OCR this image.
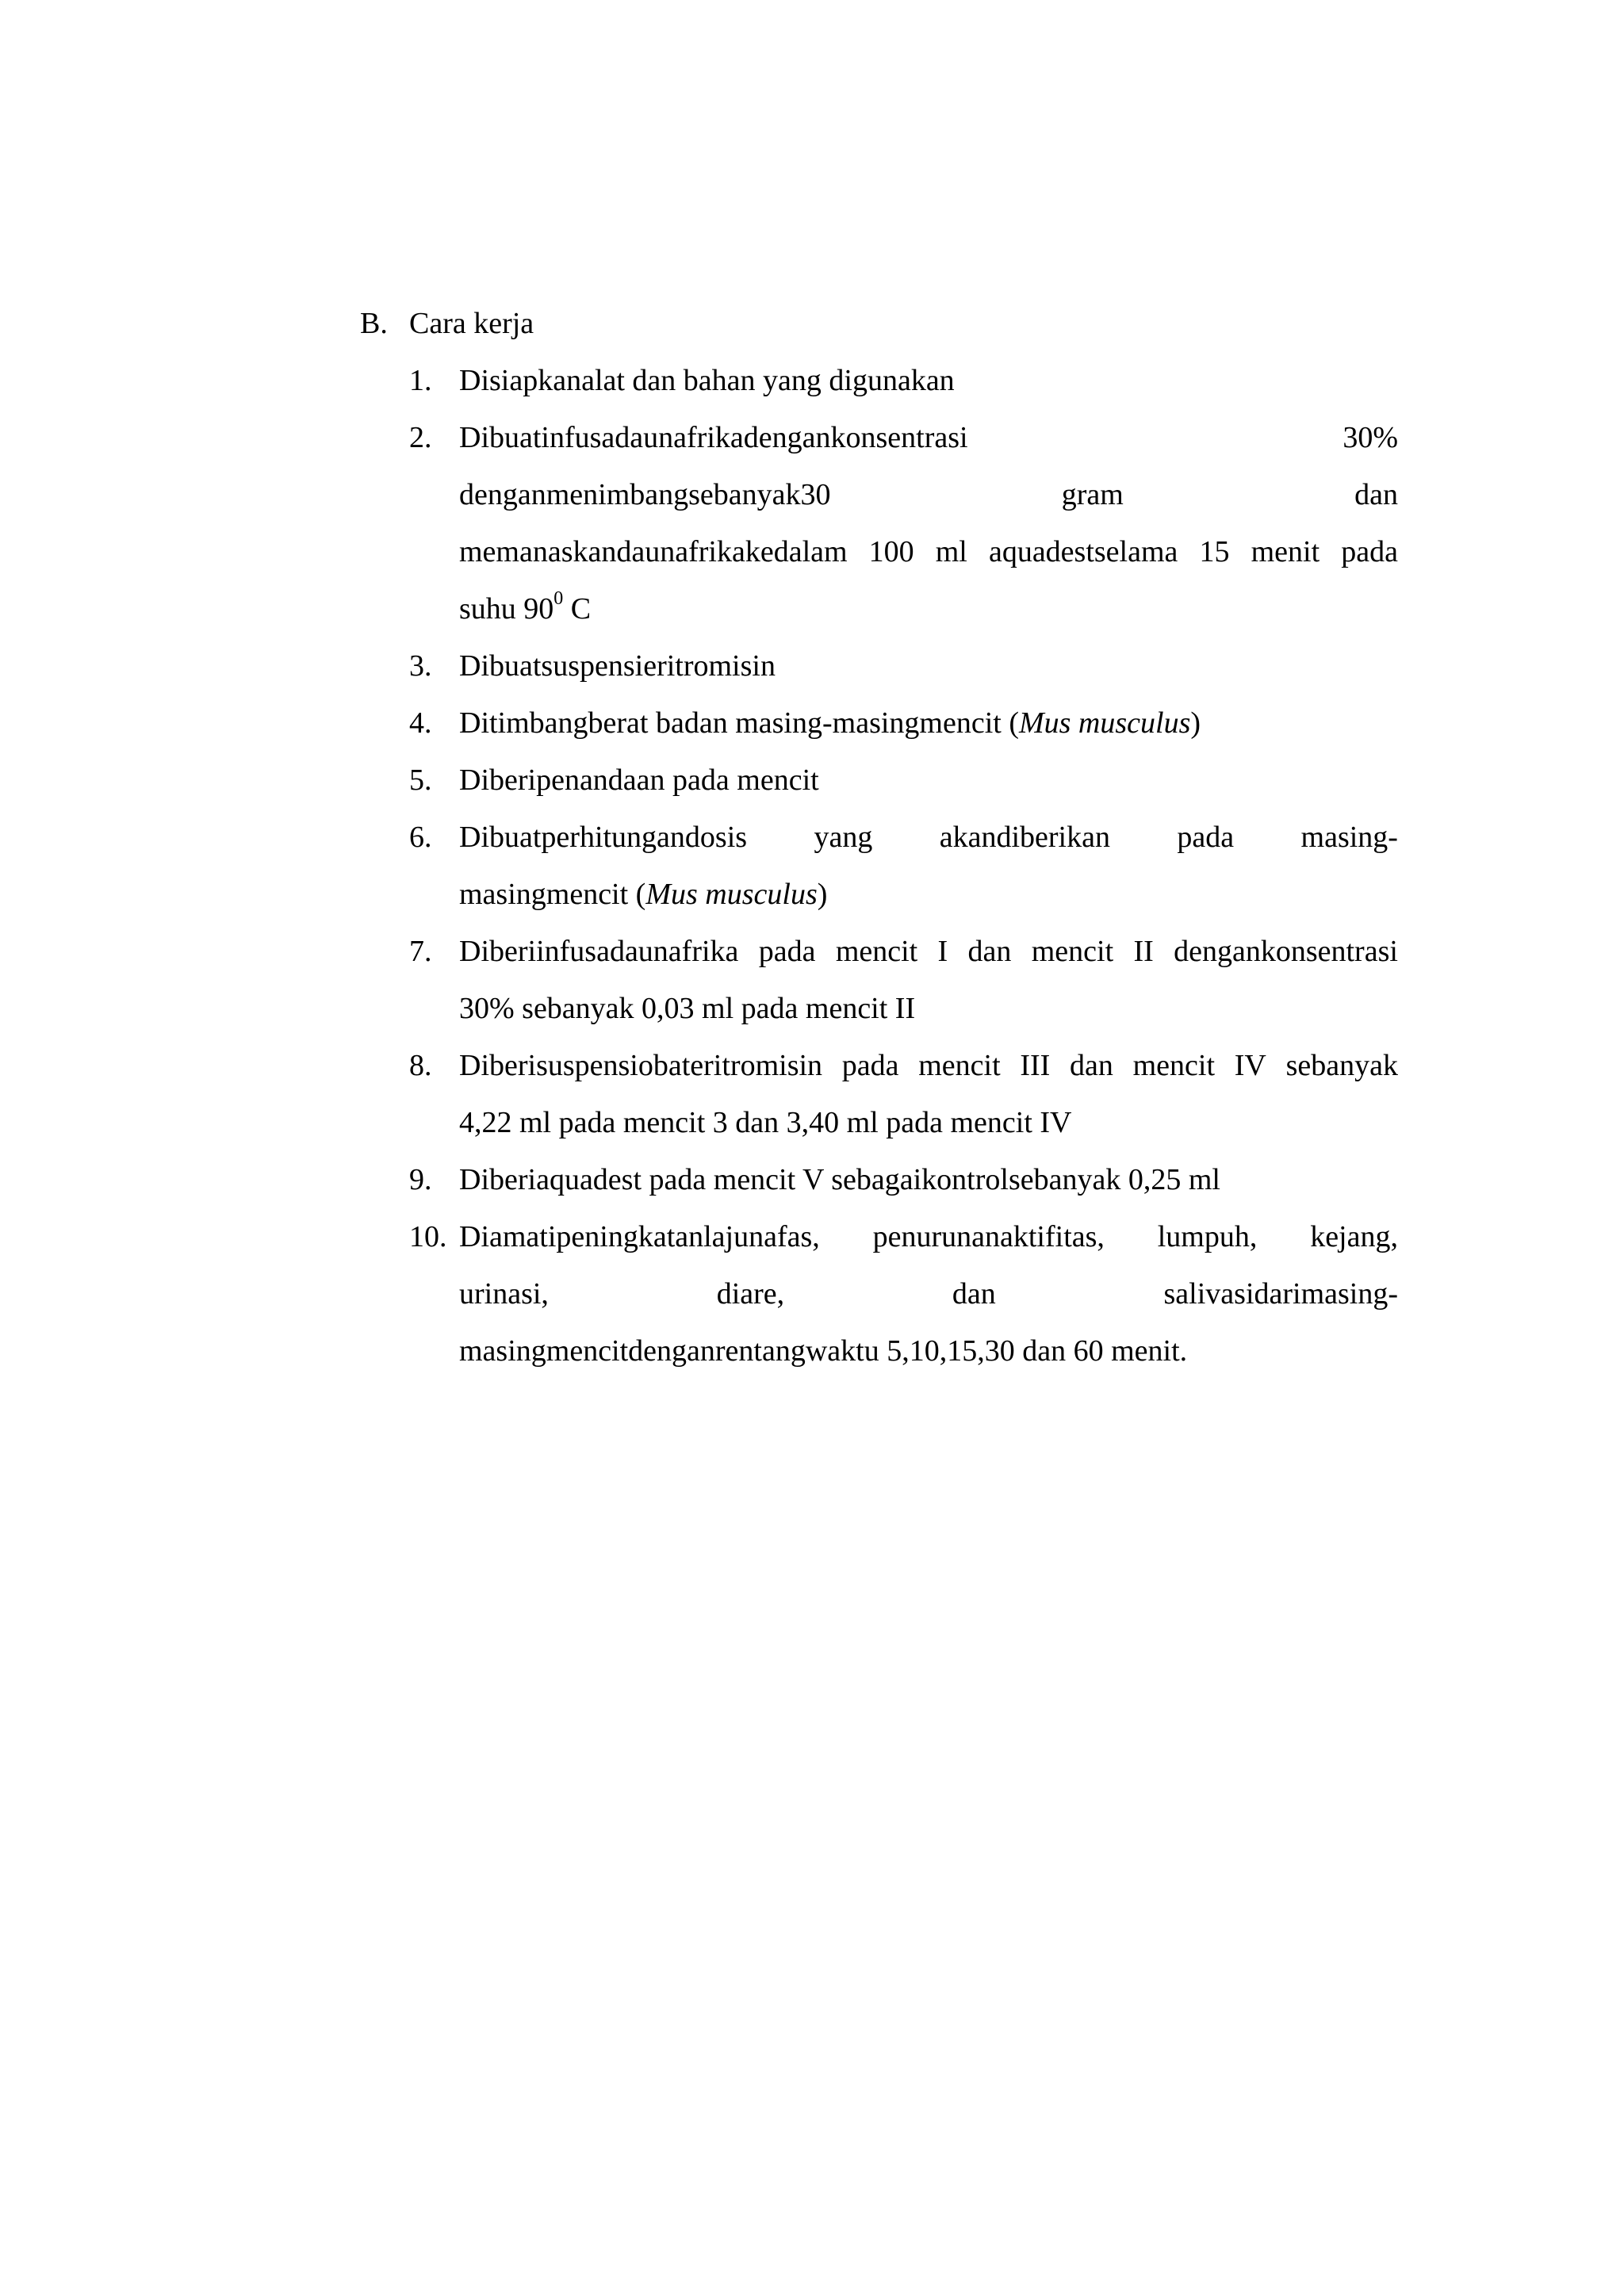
B. Cara kerja
1. Disiapkanalat dan bahan yang digunakan
2. Dibuatinfusadaunafrikadengankonsentrasi	30%
denganmenimbangsebanyak30	gram	dan
memanaskandaunafrikakedalam 100 ml aquadestselama 15 menit pada
suhu $90^0$ C
3. Dibuatsuspensieritromisin
4. Ditimbangberat badan masing-masingmencit (Mus musculus)
5. Diberipenandaan pada mencit
6. Dibuatperhitungandosis yang akandiberikan pada masing-
masingmencit (Mus musculus)
7. Diberiinfusadaunafrika pada mencit I dan mencit II dengankonsentrasi
30% sebanyak 0,03 ml pada mencit II
8. Diberisuspensiobateritromisin pada mencit III dan mencit IV sebanyak
4,22 ml pada mencit 3 dan 3,40 ml pada mencit IV
9. Diberiaquadest pada mencit V sebagaikontrolsebanyak 0,25 ml
10. Diamatipeningkatanlajunafas, penurunanaktifitas, lumpuh, kejang,
urinasi,	diare,	dan	salivasidarimasing-
masingmencitdenganrentangwaktu 5,10,15,30 dan 60 menit.
